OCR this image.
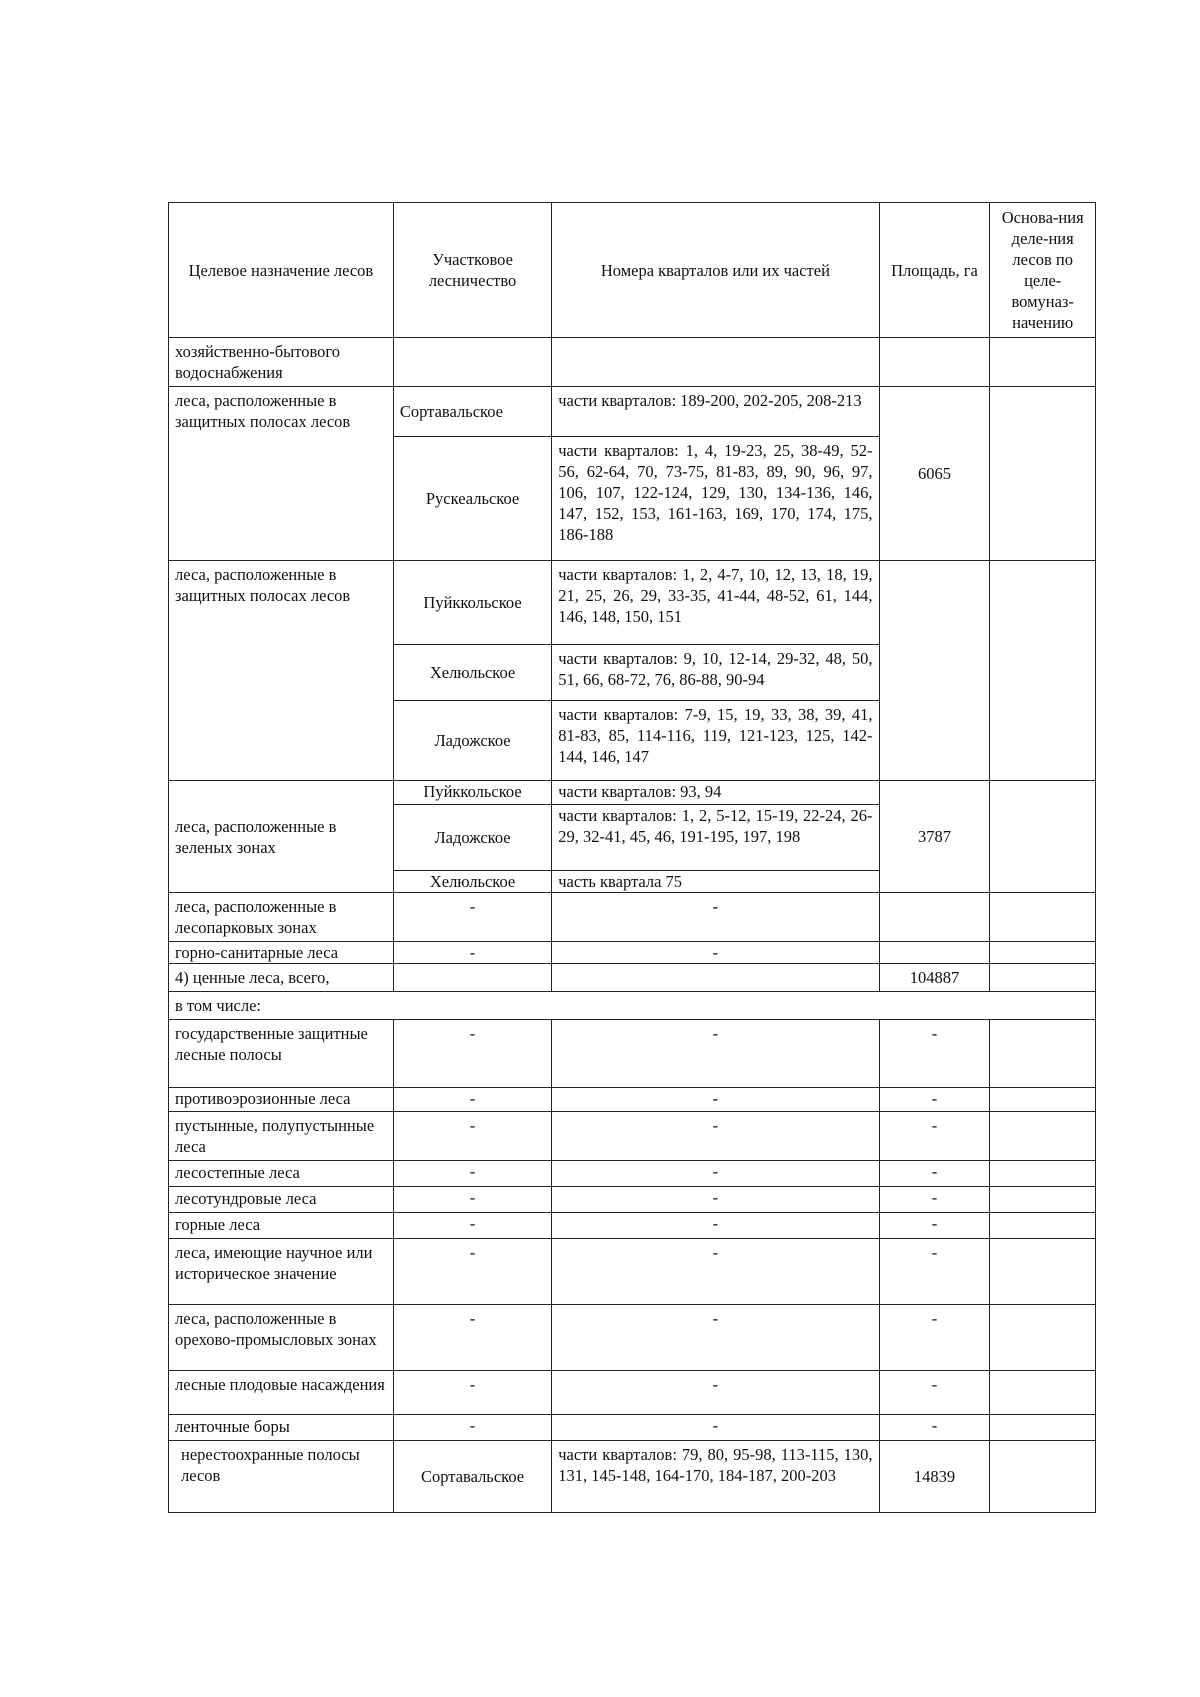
Целевое назначение лесов	Участковое лесничество	Номера кварталов или их частей	Площадь, га	Основа-ния деле-ния лесов по целе-вомуназ-начению
хозяйственно-бытового водоснабжения				
леса, расположенные в защитных полосах лесов	Сортавальское	части кварталов: 189-200, 202-205, 208-213	6065	
	Рускеальское	части кварталов: 1, 4, 19-23, 25, 38-49, 52-56, 62-64, 70, 73-75, 81-83, 89, 90, 96, 97, 106, 107, 122-124, 129, 130, 134-136, 146, 147, 152, 153, 161-163, 169, 170, 174, 175, 186-188		
леса, расположенные в защитных полосах лесов	Пуйккольское	части кварталов: 1, 2, 4-7, 10, 12, 13, 18, 19, 21, 25, 26, 29, 33-35, 41-44, 48-52, 61, 144, 146, 148, 150, 151		
	Хелюльское	части кварталов: 9, 10, 12-14, 29-32, 48, 50, 51, 66, 68-72, 76, 86-88, 90-94		
	Ладожское	части кварталов: 7-9, 15, 19, 33, 38, 39, 41, 81-83, 85, 114-116, 119, 121-123, 125, 142-144, 146, 147		
леса, расположенные в зеленых зонах	Пуйккольское	части кварталов: 93, 94	3787	
	Ладожское	части кварталов: 1, 2, 5-12, 15-19, 22-24, 26-29, 32-41, 45, 46, 191-195, 197, 198		
	Хелюльское	часть квартала 75		
леса, расположенные в лесопарковых зонах	-	-		
горно-санитарные леса	-	-		
4) ценные леса, всего,			104887	
в том числе:				
государственные защитные лесные полосы	-	-	-	
противоэрозионные леса	-	-	-	
пустынные, полупустынные леса	-	-	-	
лесостепные леса	-	-	-	
лесотундровые леса	-	-	-	
горные леса	-	-	-	
леса, имеющие научное или историческое значение	-	-	-	
леса, расположенные в орехово-промысловых зонах	-	-	-	
лесные плодовые насаждения	-	-	-	
ленточные боры	-	-	-	
нерестоохранные полосы лесов	Сортавальское	части кварталов: 79, 80, 95-98, 113-115, 130, 131, 145-148, 164-170, 184-187, 200-203	14839	
